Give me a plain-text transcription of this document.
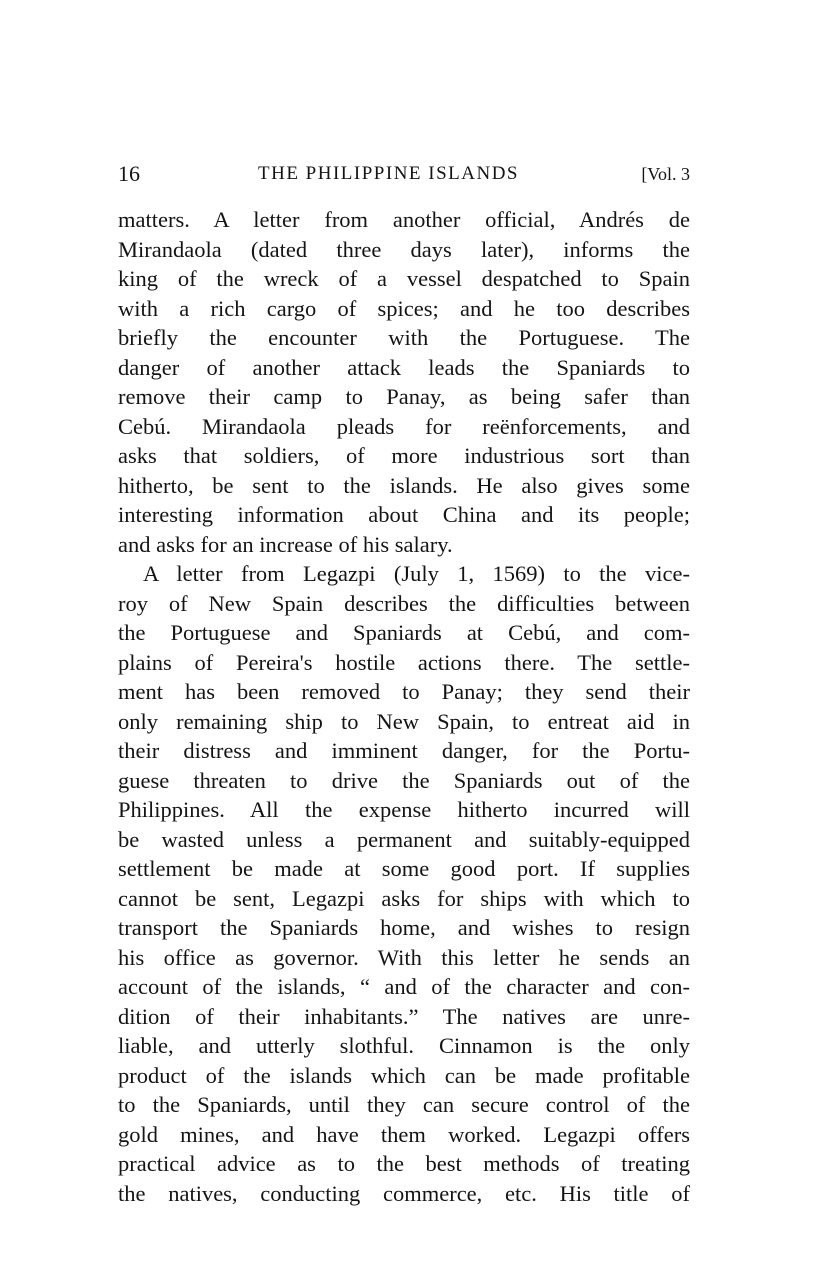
16	THE PHILIPPINE ISLANDS	[Vol. 3
matters. A letter from another official, Andrés de
Mirandaola (dated three days later), informs the
king of the wreck of a vessel despatched to Spain
with a rich cargo of spices; and he too describes
briefly the encounter with the Portuguese. The
danger of another attack leads the Spaniards to
remove their camp to Panay, as being safer than
Cebú. Mirandaola pleads for reënforcements, and
asks that soldiers, of more industrious sort than
hitherto, be sent to the islands. He also gives some
interesting information about China and its people;
and asks for an increase of his salary.
A letter from Legazpi (July 1, 1569) to the vice-
roy of New Spain describes the difficulties between
the Portuguese and Spaniards at Cebú, and com-
plains of Pereira's hostile actions there. The settle-
ment has been removed to Panay; they send their
only remaining ship to New Spain, to entreat aid in
their distress and imminent danger, for the Portu-
guese threaten to drive the Spaniards out of the
Philippines. All the expense hitherto incurred will
be wasted unless a permanent and suitably-equipped
settlement be made at some good port. If supplies
cannot be sent, Legazpi asks for ships with which to
transport the Spaniards home, and wishes to resign
his office as governor. With this letter he sends an
account of the islands, “ and of the character and con-
dition of their inhabitants.” The natives are unre-
liable, and utterly slothful. Cinnamon is the only
product of the islands which can be made profitable
to the Spaniards, until they can secure control of the
gold mines, and have them worked. Legazpi offers
practical advice as to the best methods of treating
the natives, conducting commerce, etc. His title of
